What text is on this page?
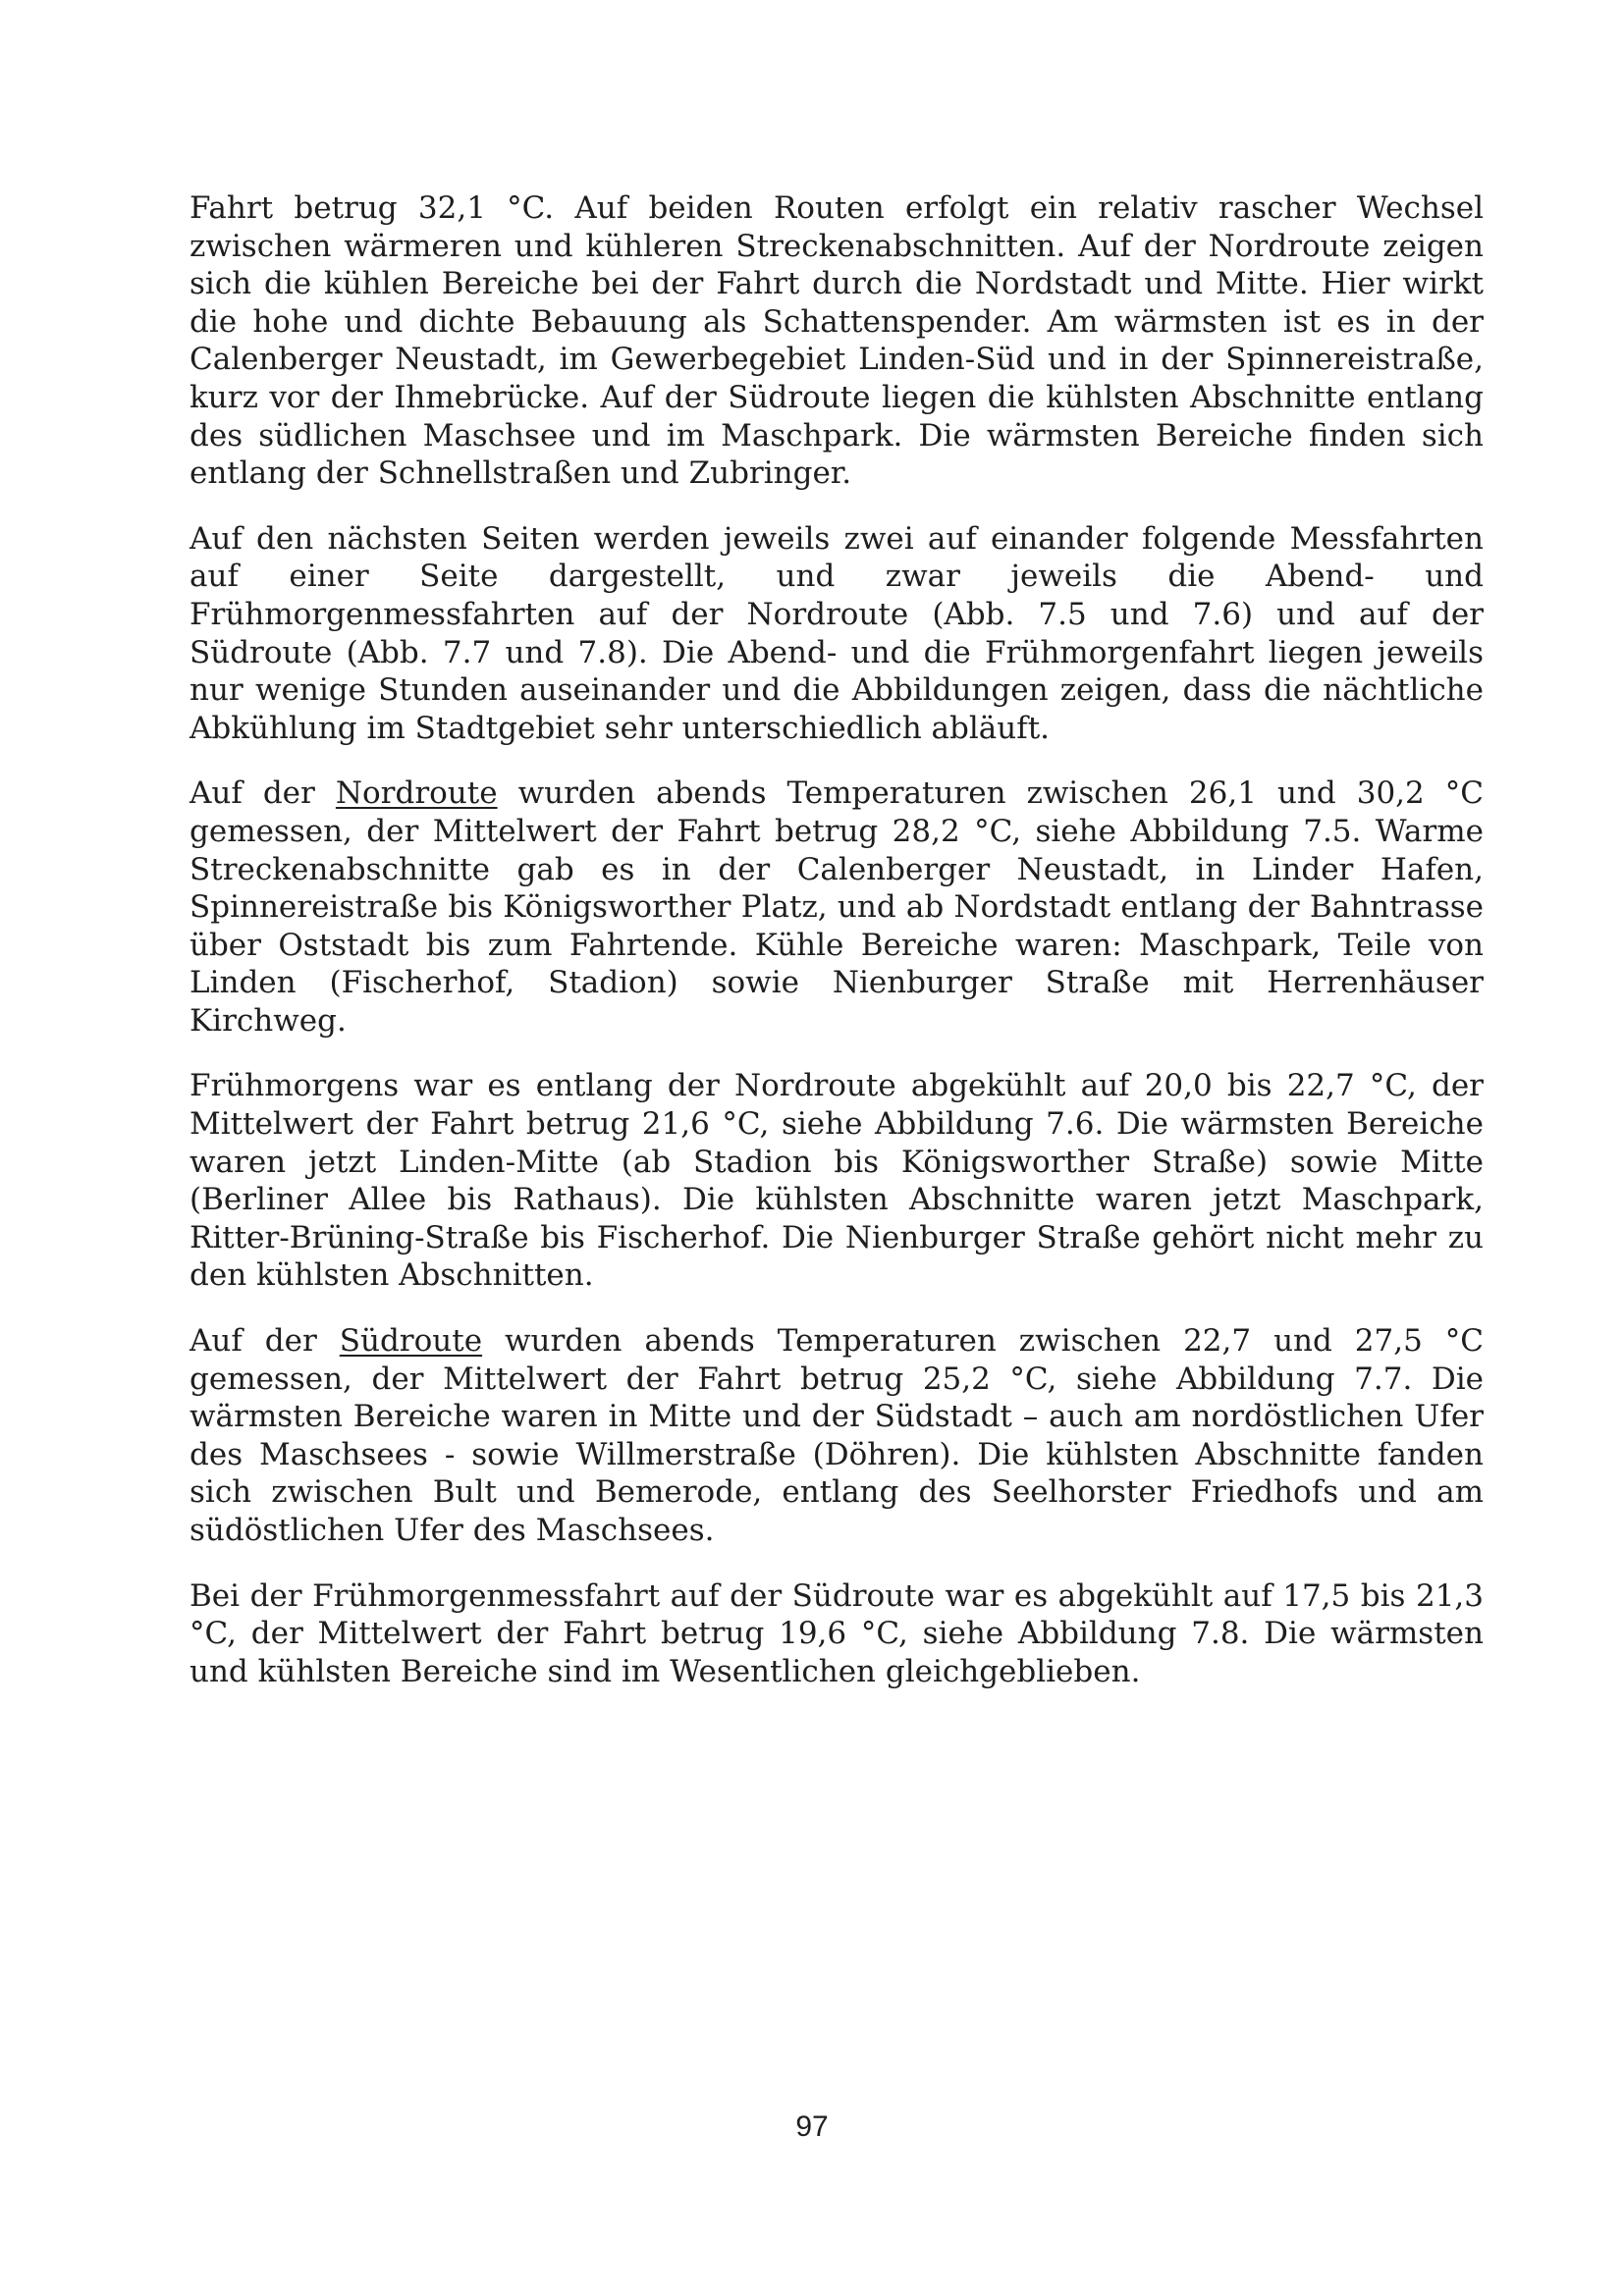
Fahrt betrug 32,1 °C. Auf beiden Routen erfolgt ein relativ rascher Wechsel zwischen wärmeren und kühleren Streckenabschnitten. Auf der Nordroute zeigen sich die kühlen Bereiche bei der Fahrt durch die Nordstadt und Mitte. Hier wirkt die hohe und dichte Bebauung als Schattenspender. Am wärmsten ist es in der Calenberger Neustadt, im Gewerbegebiet Linden-Süd und in der Spinnereistraße, kurz vor der Ihmebrücke. Auf der Südroute liegen die kühlsten Abschnitte entlang des südlichen Maschsee und im Maschpark. Die wärmsten Bereiche finden sich entlang der Schnellstraßen und Zubringer.

Auf den nächsten Seiten werden jeweils zwei auf einander folgende Messfahrten auf einer Seite dargestellt, und zwar jeweils die Abend- und Frühmorgenmessfahrten auf der Nordroute (Abb. 7.5 und 7.6) und auf der Südroute (Abb. 7.7 und 7.8). Die Abend- und die Frühmorgenfahrt liegen jeweils nur wenige Stunden auseinander und die Abbildungen zeigen, dass die nächtliche Abkühlung im Stadtgebiet sehr unterschiedlich abläuft.

Auf der Nordroute wurden abends Temperaturen zwischen 26,1 und 30,2 °C gemessen, der Mittelwert der Fahrt betrug 28,2 °C, siehe Abbildung 7.5. Warme Streckenabschnitte gab es in der Calenberger Neustadt, in Linder Hafen, Spinnereistraße bis Königsworther Platz, und ab Nordstadt entlang der Bahntrasse über Oststadt bis zum Fahrtende. Kühle Bereiche waren: Maschpark, Teile von Linden (Fischerhof, Stadion) sowie Nienburger Straße mit Herrenhäuser Kirchweg.

Frühmorgens war es entlang der Nordroute abgekühlt auf 20,0 bis 22,7 °C, der Mittelwert der Fahrt betrug 21,6 °C, siehe Abbildung 7.6. Die wärmsten Bereiche waren jetzt Linden-Mitte (ab Stadion bis Königsworther Straße) sowie Mitte (Berliner Allee bis Rathaus). Die kühlsten Abschnitte waren jetzt Maschpark, Ritter-Brüning-Straße bis Fischerhof. Die Nienburger Straße gehört nicht mehr zu den kühlsten Abschnitten.

Auf der Südroute wurden abends Temperaturen zwischen 22,7 und 27,5 °C gemessen, der Mittelwert der Fahrt betrug 25,2 °C, siehe Abbildung 7.7. Die wärmsten Bereiche waren in Mitte und der Südstadt – auch am nordöstlichen Ufer des Maschsees - sowie Willmerstraße (Döhren). Die kühlsten Abschnitte fanden sich zwischen Bult und Bemerode, entlang des Seelhorster Friedhofs und am südöstlichen Ufer des Maschsees.

Bei der Frühmorgenmessfahrt auf der Südroute war es abgekühlt auf 17,5 bis 21,3 °C, der Mittelwert der Fahrt betrug 19,6 °C, siehe Abbildung 7.8. Die wärmsten und kühlsten Bereiche sind im Wesentlichen gleichgeblieben.

97
